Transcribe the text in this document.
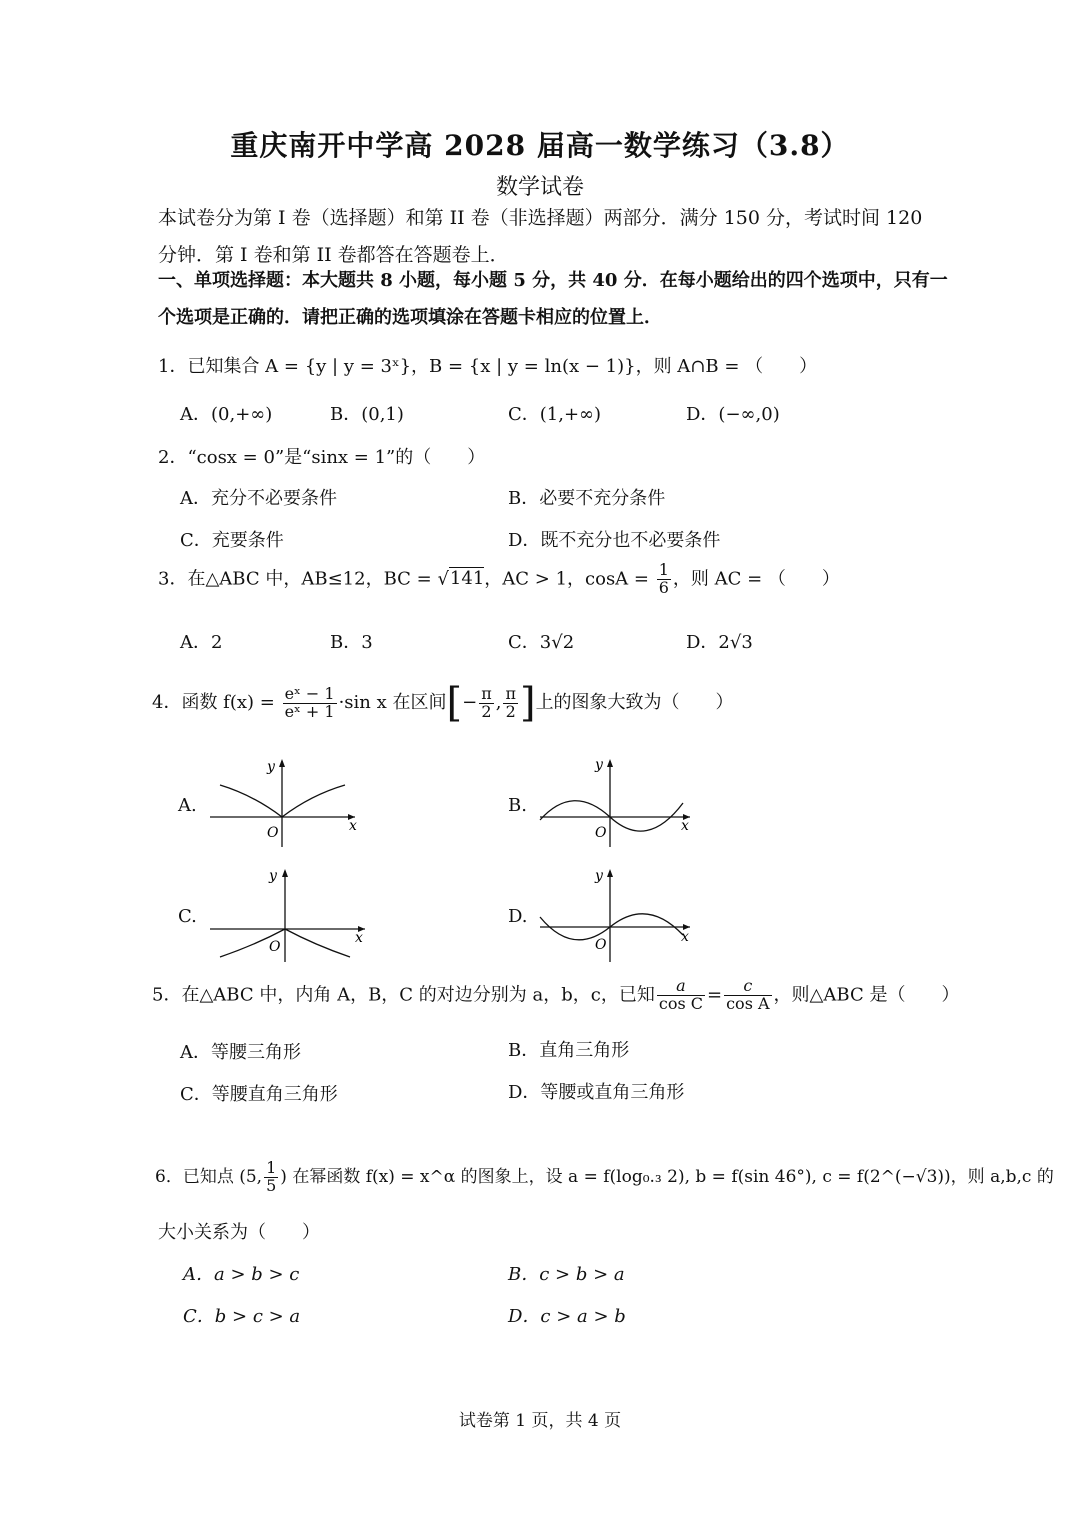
重庆南开中学高 2028 届高一数学练习（3.8）
数学试卷
本试卷分为第 I 卷（选择题）和第 II 卷（非选择题）两部分．满分 150 分，考试时间 120
分钟．第 I 卷和第 II 卷都答在答题卷上．
一、单项选择题：本大题共 8 小题，每小题 5 分，共 40 分．在每小题给出的四个选项中，只有一
个选项是正确的．请把正确的选项填涂在答题卡相应的位置上．
1．已知集合 A = {y | y = 3ˣ}，B = {x | y = ln(x − 1)}，则 A∩B = （　　）
A．(0,+∞)	B．(0,1)	C．(1,+∞)	D．(−∞,0)
2．“cosx = 0”是“sinx = 1”的（　　）
A．充分不必要条件	B．必要不充分条件
C．充要条件	D．既不充分也不必要条件
3．在△ABC 中，AB≤12，BC = √141，AC > 1，$\cos A = \frac{1}{6}$ ，则 AC = （　　）
A．2	B．3	C．3√2	D．2√3
4．函数 $f(x) = \frac{\text{eˣ − 1}}{\text{eˣ + 1}} \cdot\sin$ x 在区间[− $\frac{\pi}{2}$ , $\frac{\pi}{2}$ ]上的图象大致为（　　）
A.	B.
C.	D.
x
y
O	x
y
O
x
y
O
x
y
O
5．在△ABC 中，内角 A，B，C 的对边分别为 a，b，c，已知 $\frac{a}{\text{cos C}} = \frac{c}{\text{cos A}}$ ，则△ABC 是（　　）
A．等腰三角形	B．直角三角形
C．等腰直角三角形	D．等腰或直角三角形
6．已知点 (5, $\frac{1}{5}$ ) 在幂函数 f(x) = x^α 的图象上，设 a = f(log₀.₃ 2), b = f(sin 46°), c = f(2^(−√3))，则 a,b,c 的
大小关系为（　　）
A．a > b > c	B．c > b > a
C．b > c > a	D．c > a > b
试卷第 1 页，共 4 页
